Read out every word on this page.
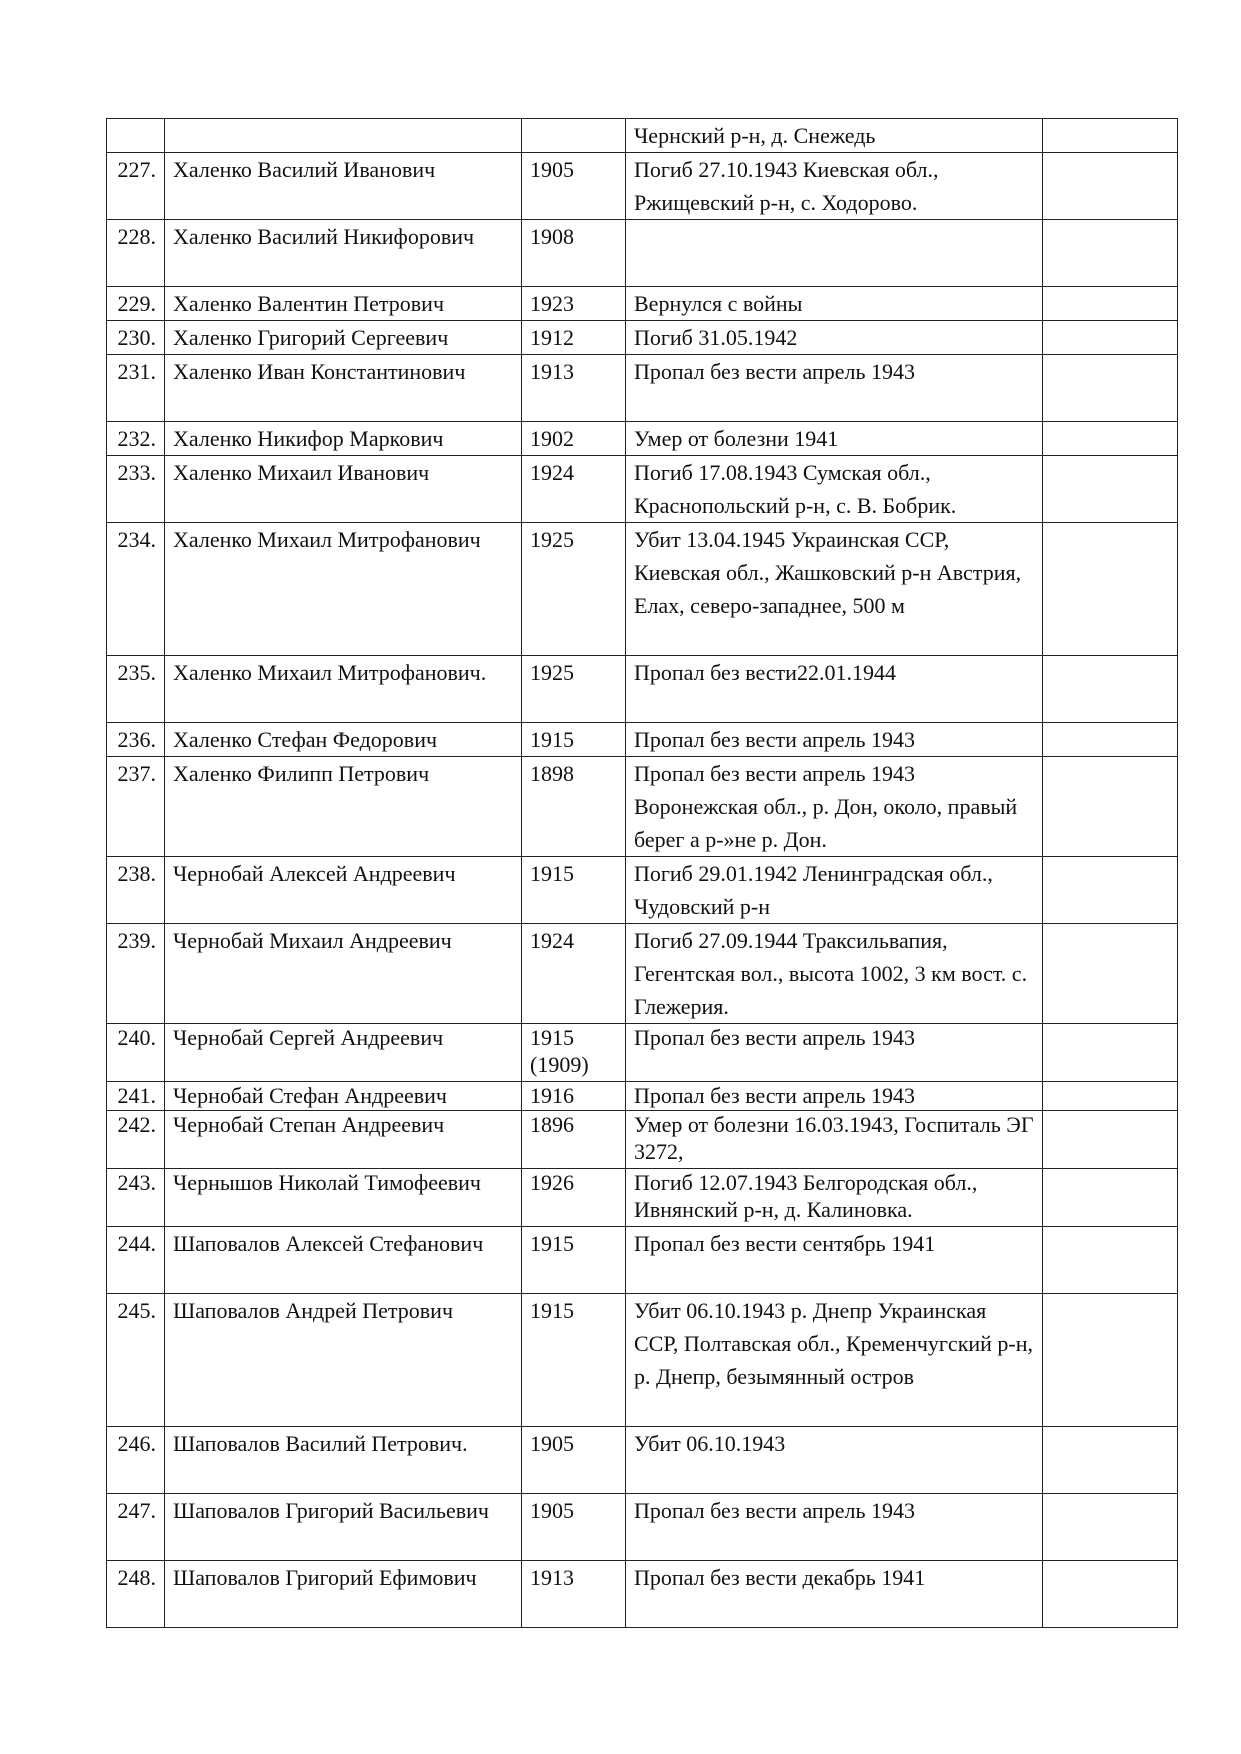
			Чернский р-н, д. Снежедь	
227.	Халенко Василий Иванович	1905	Погиб 27.10.1943 Киевская обл., Ржищевский р-н, с. Ходорово.	
228.	Халенко Василий Никифорович	1908		
229.	Халенко Валентин Петрович	1923	Вернулся с войны	
230.	Халенко Григорий Сергеевич	1912	Погиб 31.05.1942	
231.	Халенко Иван Константинович	1913	Пропал без вести апрель 1943	
232.	Халенко Никифор Маркович	1902	Умер от болезни 1941	
233.	Халенко Михаил Иванович	1924	Погиб 17.08.1943 Сумская обл., Краснопольский р-н, с. В. Бобрик.	
234.	Халенко Михаил Митрофанович	1925	Убит 13.04.1945 Украинская ССР, Киевская обл., Жашковский р-н Австрия, Елах, северо-западнее, 500 м	
235.	Халенко Михаил Митрофанович.	1925	Пропал без вести22.01.1944	
236.	Халенко Стефан Федорович	1915	Пропал без вести апрель 1943	
237.	Халенко Филипп Петрович	1898	Пропал без вести апрель 1943 Воронежская обл., р. Дон, около, правый берег а р-»не р. Дон.	
238.	Чернобай Алексей Андреевич	1915	Погиб 29.01.1942 Ленинградская обл., Чудовский р-н	
239.	Чернобай Михаил Андреевич	1924	Погиб 27.09.1944 Траксильвапия, Гегентская вол., высота 1002, 3 км вост. с. Глежерия.	
240.	Чернобай Сергей Андреевич	1915 (1909)	Пропал без вести апрель 1943	
241.	Чернобай Стефан Андреевич	1916	Пропал без вести апрель 1943	
242.	Чернобай Степан Андреевич	1896	Умер от болезни 16.03.1943, Госпиталь ЭГ 3272,	
243.	Чернышов Николай Тимофеевич	1926	Погиб 12.07.1943 Белгородская обл., Ивнянский р-н, д. Калиновка.	
244.	Шаповалов Алексей Стефанович	1915	Пропал без вести сентябрь 1941	
245.	Шаповалов Андрей Петрович	1915	Убит 06.10.1943 р. Днепр Украинская ССР, Полтавская обл., Кременчугский р-н, р. Днепр, безымянный остров	
246.	Шаповалов Василий Петрович.	1905	Убит 06.10.1943	
247.	Шаповалов Григорий Васильевич	1905	Пропал без вести апрель 1943	
248.	Шаповалов Григорий Ефимович	1913	Пропал без вести декабрь 1941	
